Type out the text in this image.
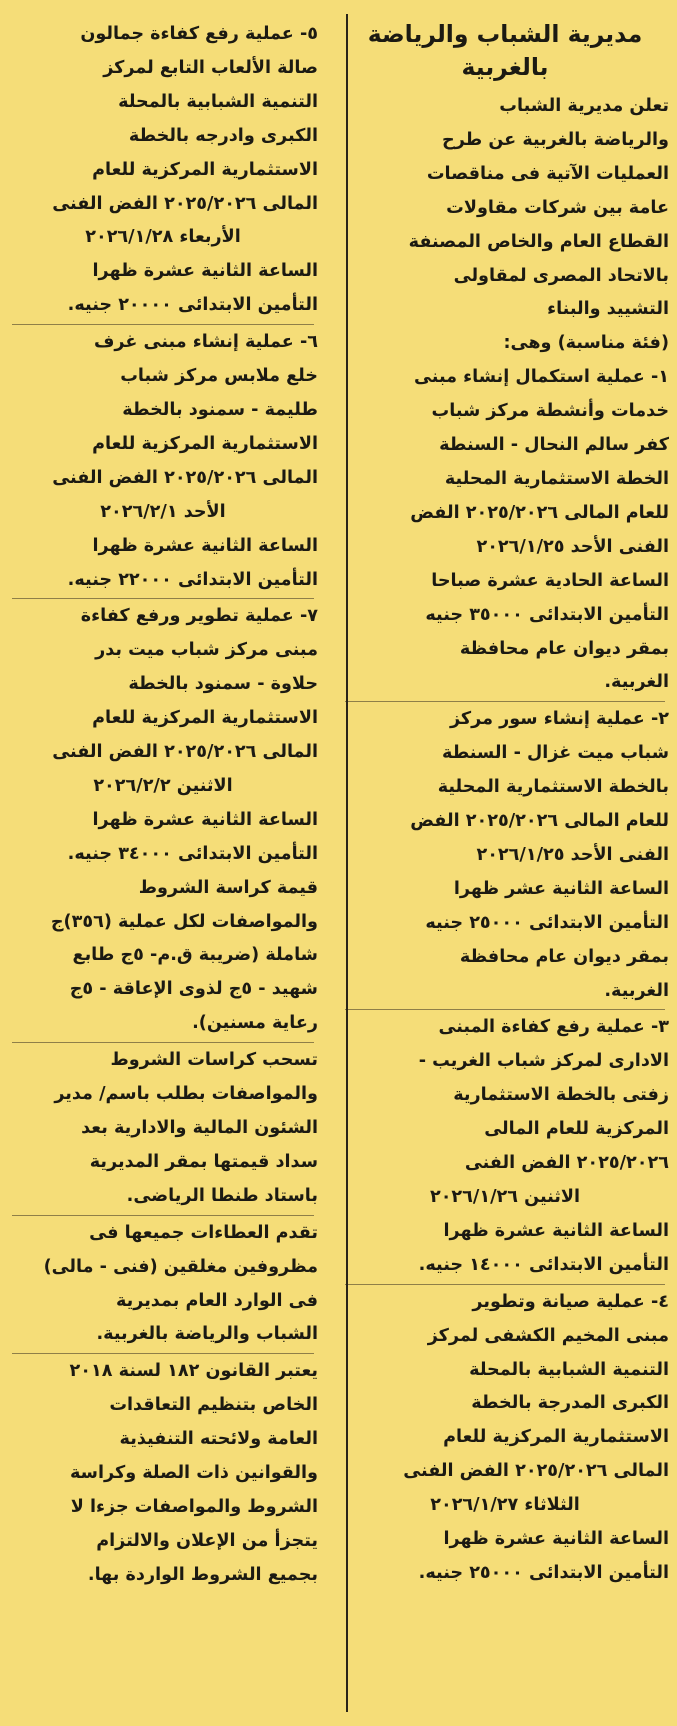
مديرية الشباب والرياضة
بالغربية
تعلن مديرية الشباب
والرياضة بالغربية عن طرح
العمليات الآتية فى مناقصات
عامة بين شركات مقاولات
القطاع العام والخاص المصنفة
بالاتحاد المصرى لمقاولى
التشييد والبناء
(فئة مناسبة) وهى:
١- عملية استكمال إنشاء مبنى
خدمات وأنشطة مركز شباب
كفر سالم النحال - السنطة
الخطة الاستثمارية المحلية
للعام المالى ٢٠٢٥/٢٠٢٦ الفض
الفنى الأحد ٢٠٢٦/١/٢٥
الساعة الحادية عشرة صباحا
التأمين الابتدائى ٣٥٠٠٠ جنيه
بمقر ديوان عام محافظة
الغربية.
٢- عملية إنشاء سور مركز
شباب ميت غزال - السنطة
بالخطة الاستثمارية المحلية
للعام المالى ٢٠٢٥/٢٠٢٦ الفض
الفنى الأحد ٢٠٢٦/١/٢٥
الساعة الثانية عشر ظهرا
التأمين الابتدائى ٢٥٠٠٠ جنيه
بمقر ديوان عام محافظة
الغربية.
٣- عملية رفع كفاءة المبنى
الادارى لمركز شباب الغريب -
زفتى بالخطة الاستثمارية
المركزية للعام المالى
٢٠٢٥/٢٠٢٦ الفض الفنى
الاثنين ٢٠٢٦/١/٢٦
الساعة الثانية عشرة ظهرا
التأمين الابتدائى ١٤٠٠٠ جنيه.
٤- عملية صيانة وتطوير
مبنى المخيم الكشفى لمركز
التنمية الشبابية بالمحلة
الكبرى المدرجة بالخطة
الاستثمارية المركزية للعام
المالى ٢٠٢٥/٢٠٢٦ الفض الفنى
الثلاثاء ٢٠٢٦/١/٢٧
الساعة الثانية عشرة ظهرا
التأمين الابتدائى ٢٥٠٠٠ جنيه.
٥- عملية رفع كفاءة جمالون
صالة الألعاب التابع لمركز
التنمية الشبابية بالمحلة
الكبرى وادرجه بالخطة
الاستثمارية المركزية للعام
المالى ٢٠٢٥/٢٠٢٦ الفض الفنى
الأربعاء ٢٠٢٦/١/٢٨
الساعة الثانية عشرة ظهرا
التأمين الابتدائى ٢٠٠٠٠ جنيه.
٦- عملية إنشاء مبنى غرف
خلع ملابس مركز شباب
طليمة - سمنود بالخطة
الاستثمارية المركزية للعام
المالى ٢٠٢٥/٢٠٢٦ الفض الفنى
الأحد ٢٠٢٦/٢/١
الساعة الثانية عشرة ظهرا
التأمين الابتدائى ٢٢٠٠٠ جنيه.
٧- عملية تطوير ورفع كفاءة
مبنى مركز شباب ميت بدر
حلاوة - سمنود بالخطة
الاستثمارية المركزية للعام
المالى ٢٠٢٥/٢٠٢٦ الفض الفنى
الاثنين ٢٠٢٦/٢/٢
الساعة الثانية عشرة ظهرا
التأمين الابتدائى ٣٤٠٠٠ جنيه.
قيمة كراسة الشروط
والمواصفات لكل عملية (٣٥٦)ج
شاملة (ضريبة ق.م- ٥ج طابع
شهيد - ٥ج لذوى الإعاقة - ٥ج
رعاية مسنين).
تسحب كراسات الشروط
والمواصفات بطلب باسم/ مدير
الشئون المالية والادارية بعد
سداد قيمتها بمقر المديرية
باستاد طنطا الرياضى.
تقدم العطاءات جميعها فى
مظروفين مغلقين (فنى - مالى)
فى الوارد العام بمديرية
الشباب والرياضة بالغربية.
يعتبر القانون ١٨٢ لسنة ٢٠١٨
الخاص بتنظيم التعاقدات
العامة ولائحته التنفيذية
والقوانين ذات الصلة وكراسة
الشروط والمواصفات جزءا لا
يتجزأ من الإعلان والالتزام
بجميع الشروط الواردة بها.
